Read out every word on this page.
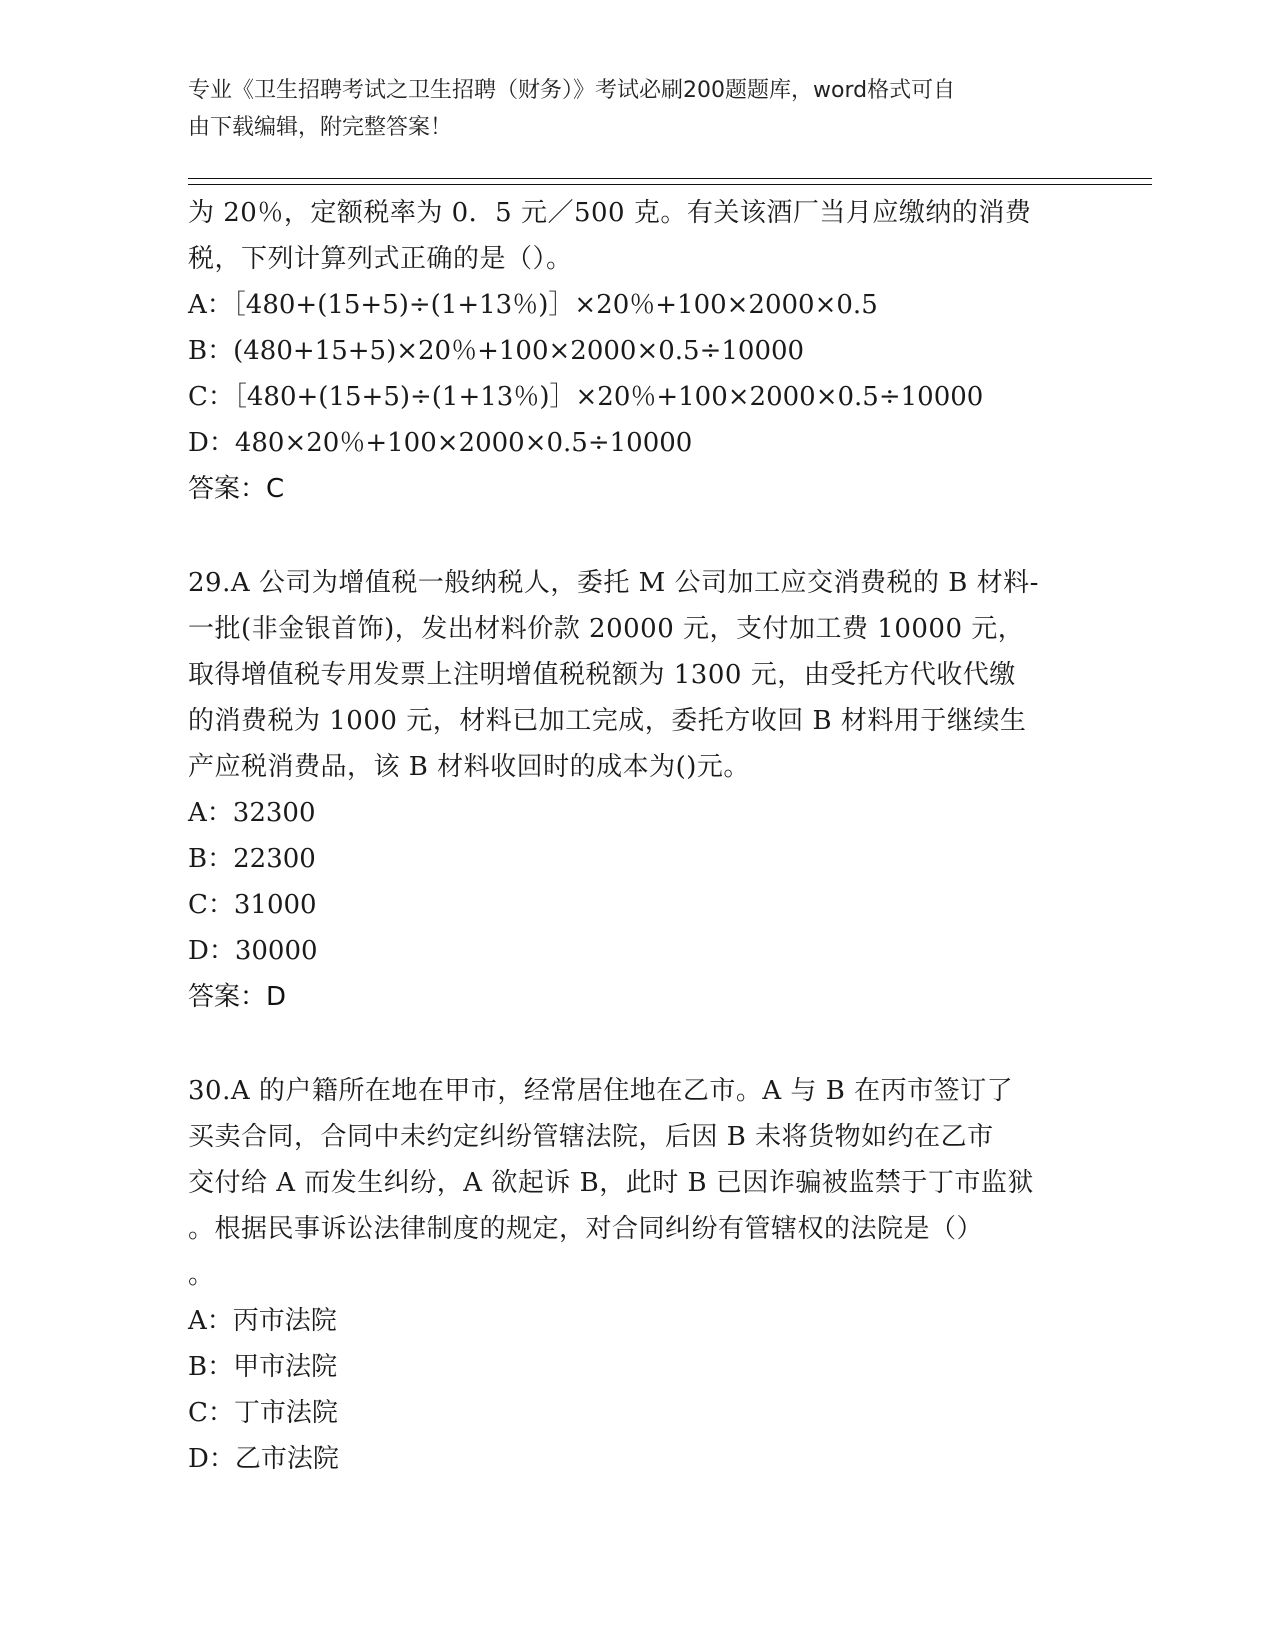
专业《卫生招聘考试之卫生招聘（财务）》考试必刷200题题库，word格式可自

由下载编辑，附完整答案！

为 20％，定额税率为 0．5 元／500 克。有关该酒厂当月应缴纳的消费
税，下列计算列式正确的是（）。
A：［480+(15+5)÷(1+13％)］×20％+100×2000×0.5
B：(480+15+5)×20％+100×2000×0.5÷10000
C：［480+(15+5)÷(1+13％)］×20％+100×2000×0.5÷10000
D：480×20％+100×2000×0.5÷10000
答案：C
29.A 公司为增值税一般纳税人，委托 M 公司加工应交消费税的 B 材料-
一批(非金银首饰)，发出材料价款 20000 元，支付加工费 10000 元，
取得增值税专用发票上注明增值税税额为 1300 元，由受托方代收代缴
的消费税为 1000 元，材料已加工完成，委托方收回 B 材料用于继续生
产应税消费品，该 B 材料收回时的成本为()元。
A：32300
B：22300
C：31000
D：30000
答案：D
30.A 的户籍所在地在甲市，经常居住地在乙市。A 与 B 在丙市签订了
买卖合同，合同中未约定纠纷管辖法院，后因 B 未将货物如约在乙市
交付给 A 而发生纠纷，A 欲起诉 B，此时 B 已因诈骗被监禁于丁市监狱
。根据民事诉讼法律制度的规定，对合同纠纷有管辖权的法院是（）
。
A：丙市法院
B：甲市法院
C：丁市法院
D：乙市法院
